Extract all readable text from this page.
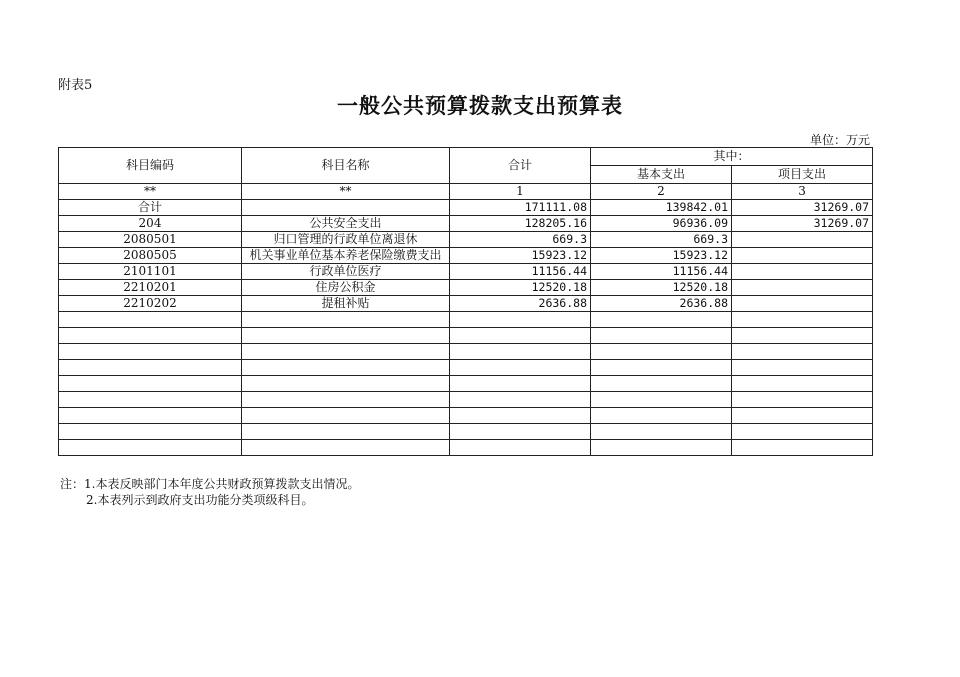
附表5
一般公共预算拨款支出预算表
单位：万元
科目编码	科目名称	合计	其中：	
			基本支出	项目支出
**	**	1	2	3
合计		171111.08	139842.01	31269.07
204	公共安全支出	128205.16	96936.09	31269.07
2080501	归口管理的行政单位离退休	669.3	669.3	
2080505	机关事业单位基本养老保险缴费支出	15923.12	15923.12	
2101101	行政单位医疗	11156.44	11156.44	
2210201	住房公积金	12520.18	12520.18	
2210202	提租补贴	2636.88	2636.88	

注：1.本表反映部门本年度公共财政预算拨款支出情况。
2.本表列示到政府支出功能分类项级科目。
